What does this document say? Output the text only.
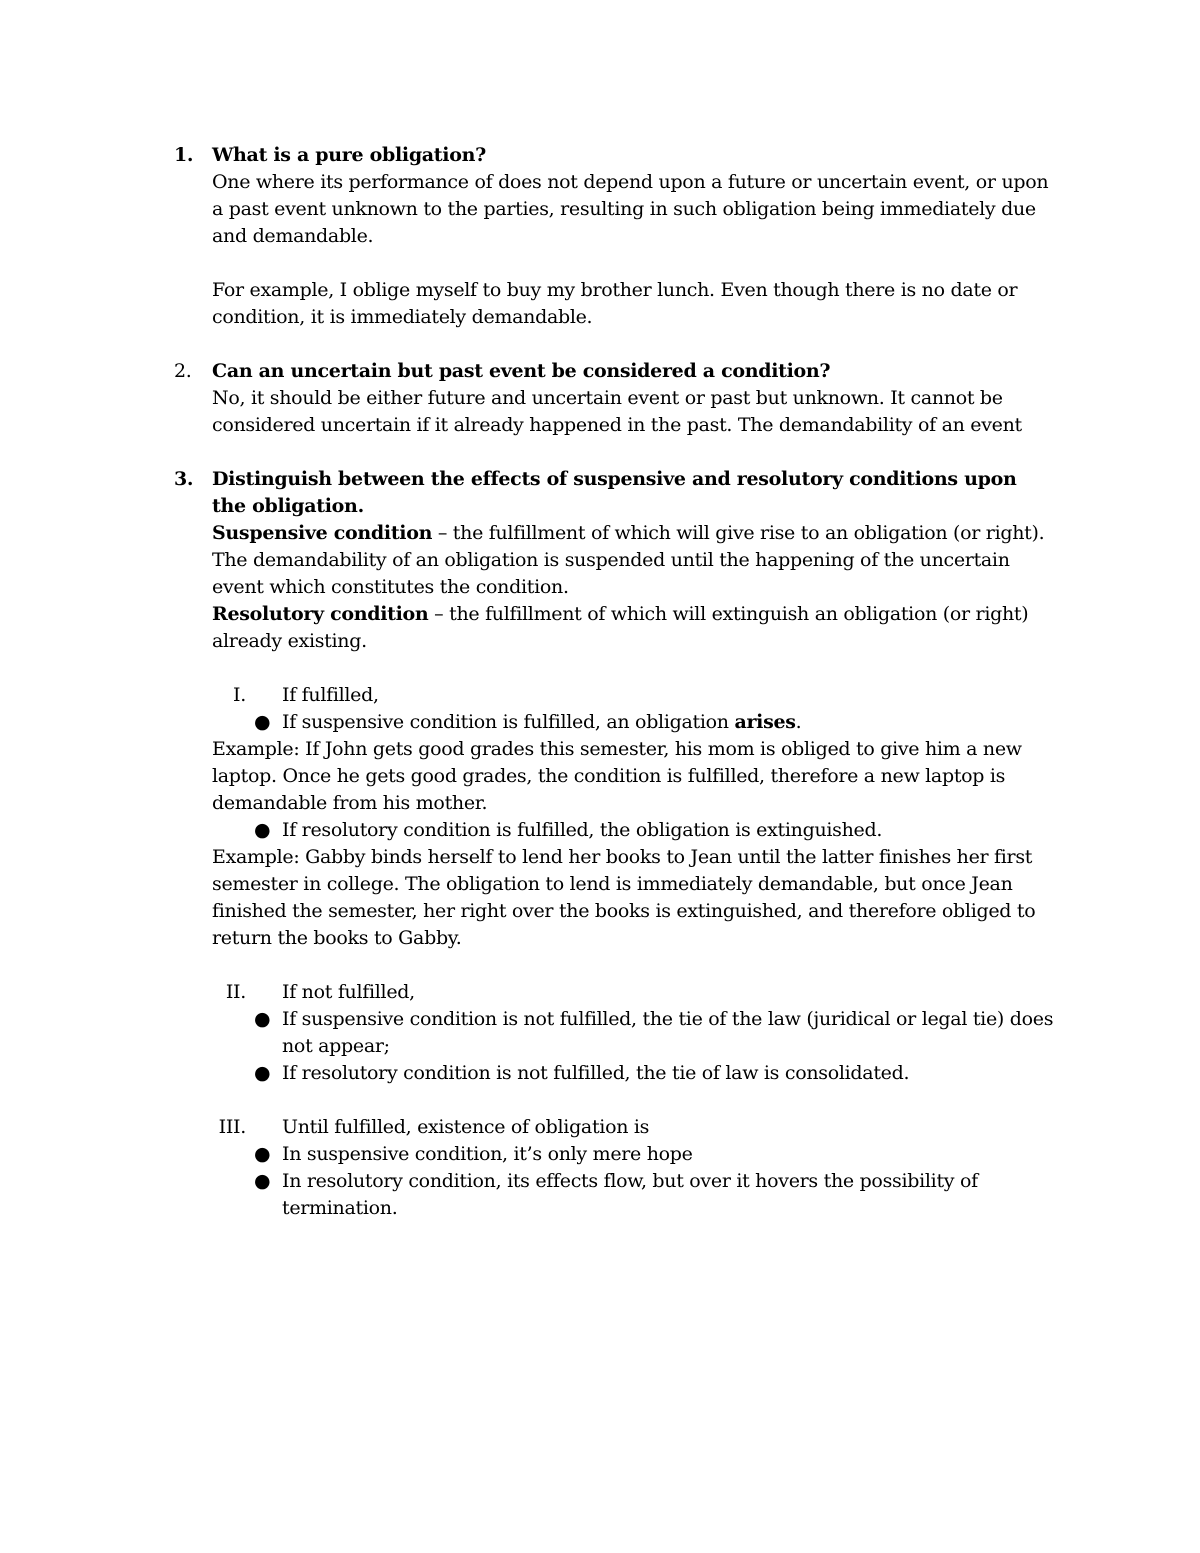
1. What is a pure obligation?
One where its performance of does not depend upon a future or uncertain event, or upon a past event unknown to the parties, resulting in such obligation being immediately due and demandable.
For example, I oblige myself to buy my brother lunch. Even though there is no date or condition, it is immediately demandable.
2. Can an uncertain but past event be considered a condition?
No, it should be either future and uncertain event or past but unknown. It cannot be considered uncertain if it already happened in the past. The demandability of an event
3. Distinguish between the effects of suspensive and resolutory conditions upon the obligation.
Suspensive condition – the fulfillment of which will give rise to an obligation (or right). The demandability of an obligation is suspended until the happening of the uncertain event which constitutes the condition.
Resolutory condition – the fulfillment of which will extinguish an obligation (or right) already existing.
I. If fulfilled,
● If suspensive condition is fulfilled, an obligation arises.
Example: If John gets good grades this semester, his mom is obliged to give him a new laptop. Once he gets good grades, the condition is fulfilled, therefore a new laptop is demandable from his mother.
● If resolutory condition is fulfilled, the obligation is extinguished.
Example: Gabby binds herself to lend her books to Jean until the latter finishes her first semester in college. The obligation to lend is immediately demandable, but once Jean finished the semester, her right over the books is extinguished, and therefore obliged to return the books to Gabby.
II. If not fulfilled,
● If suspensive condition is not fulfilled, the tie of the law (juridical or legal tie) does not appear;
● If resolutory condition is not fulfilled, the tie of law is consolidated.
III. Until fulfilled, existence of obligation is
● In suspensive condition, it’s only mere hope
● In resolutory condition, its effects flow, but over it hovers the possibility of termination.
